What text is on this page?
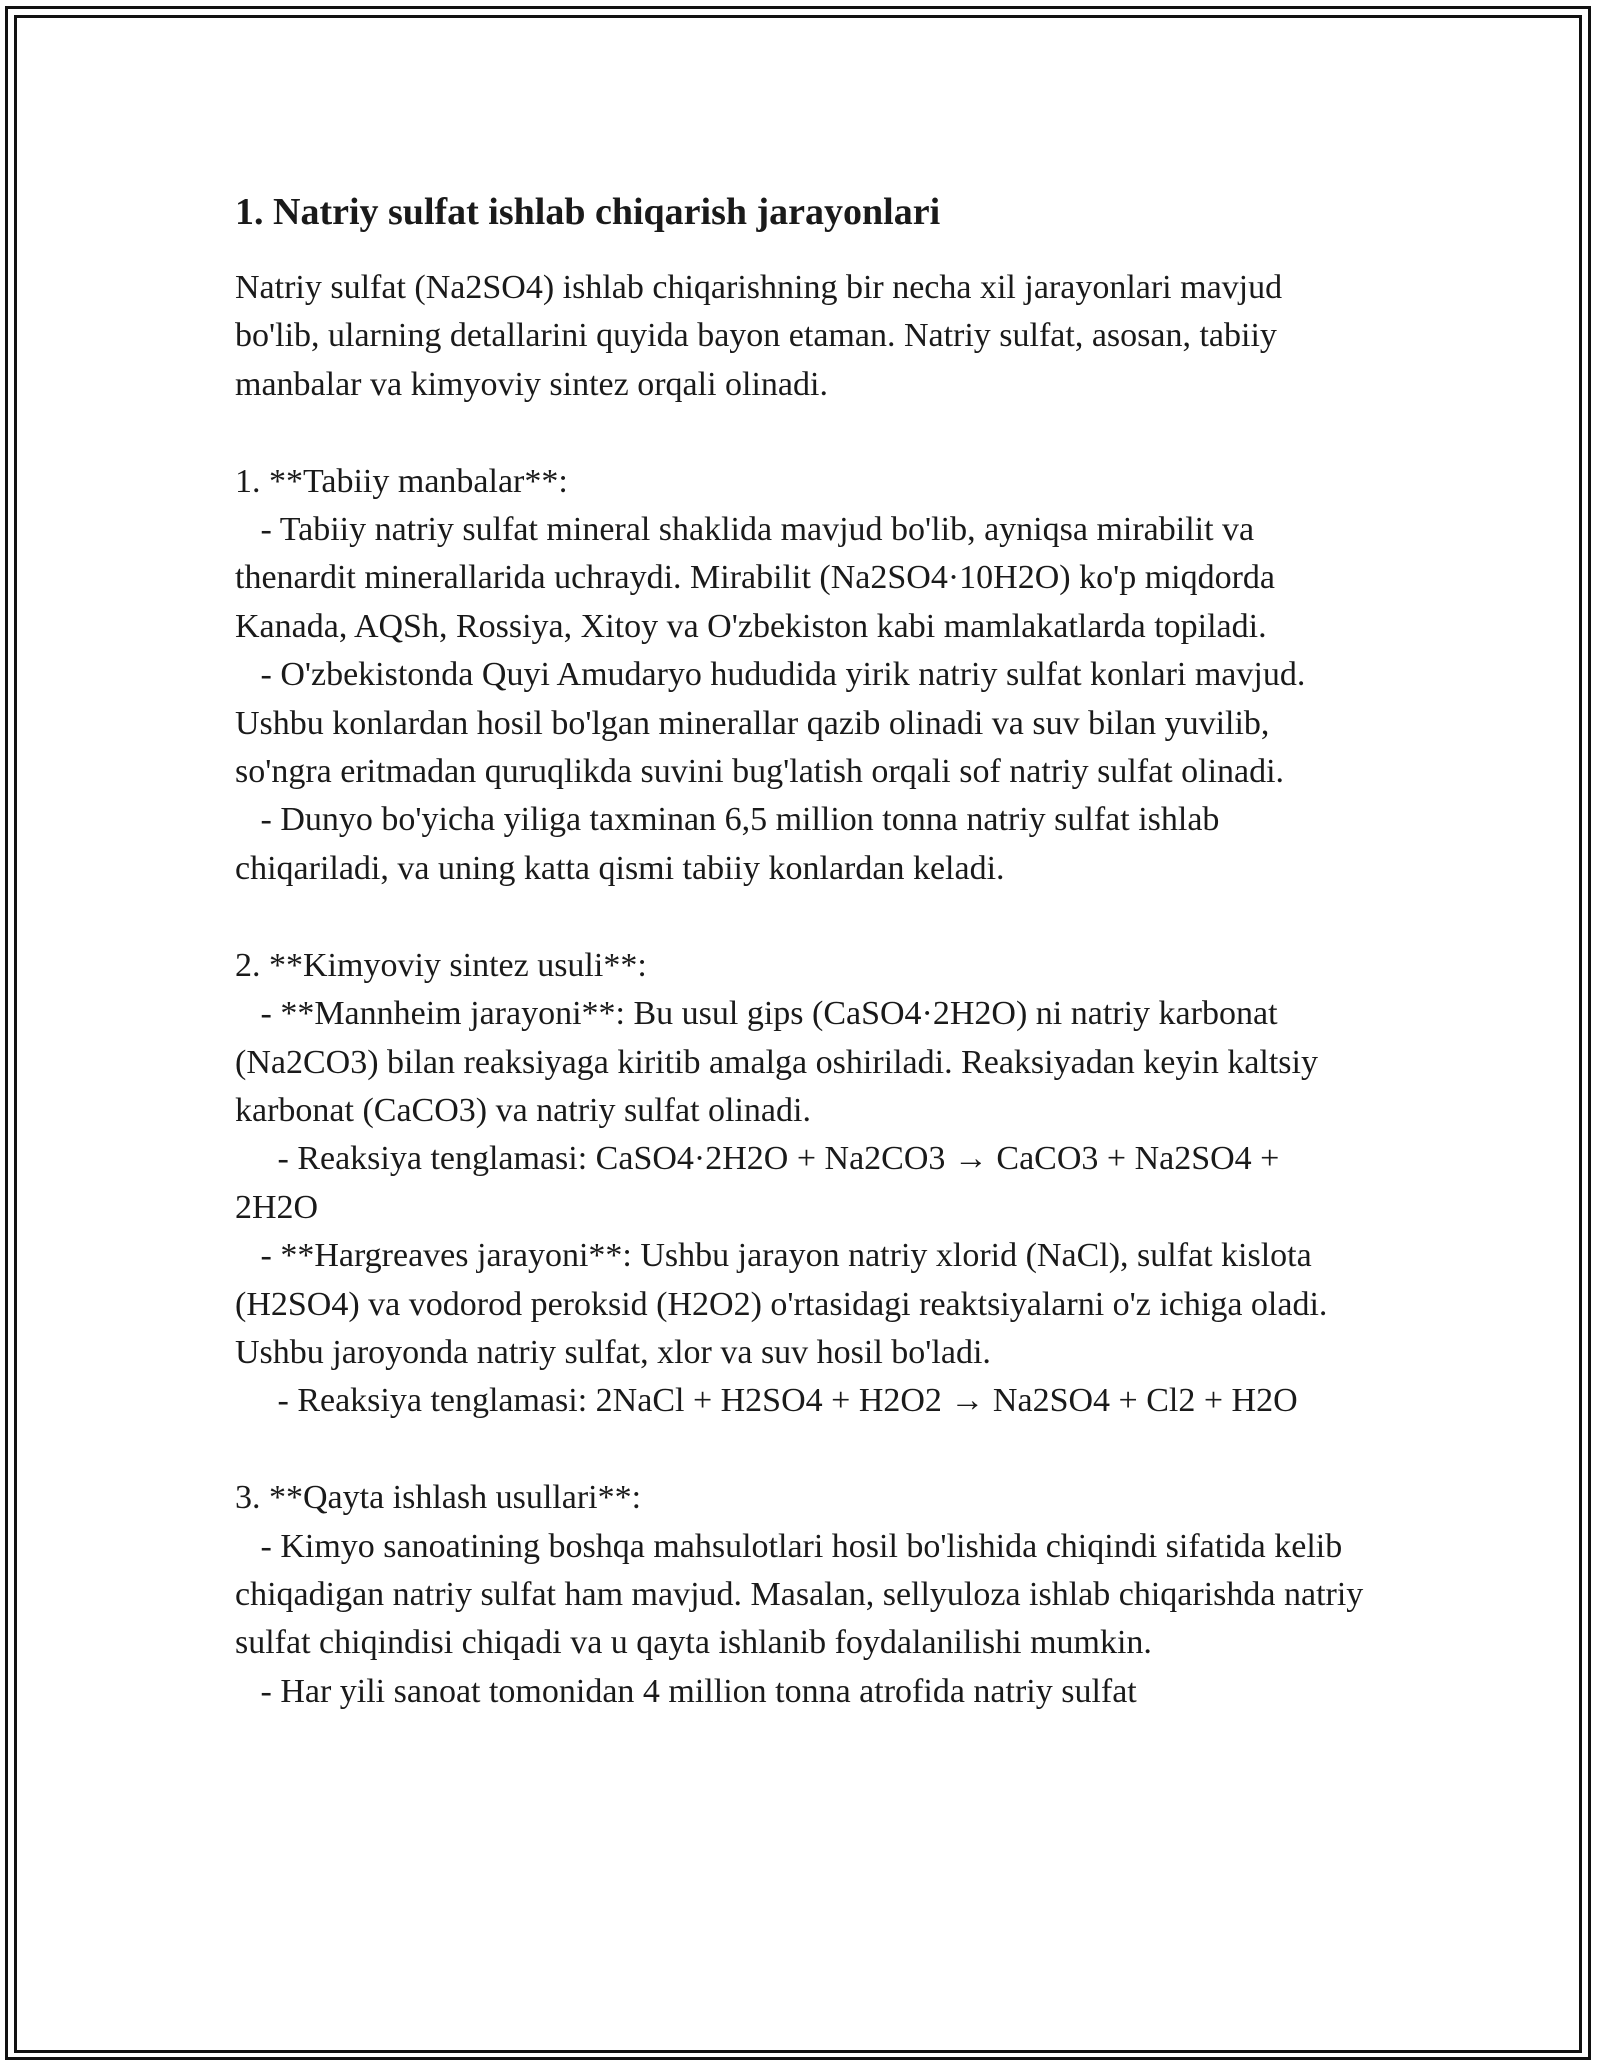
1. Natriy sulfat ishlab chiqarish jarayonlari

Natriy sulfat (Na2SO4) ishlab chiqarishning bir necha xil jarayonlari mavjud bo'lib, ularning detallarini quyida bayon etaman. Natriy sulfat, asosan, tabiiy manbalar va kimyoviy sintez orqali olinadi.

1. **Tabiiy manbalar**:
- Tabiiy natriy sulfat mineral shaklida mavjud bo'lib, ayniqsa mirabilit va thenardit minerallarida uchraydi. Mirabilit (Na2SO4·10H2O) ko'p miqdorda Kanada, AQSh, Rossiya, Xitoy va O'zbekiston kabi mamlakatlarda topiladi.
- O'zbekistonda Quyi Amudaryo hududida yirik natriy sulfat konlari mavjud. Ushbu konlardan hosil bo'lgan minerallar qazib olinadi va suv bilan yuvilib, so'ngra eritmadan quruqlikda suvini bug'latish orqali sof natriy sulfat olinadi.
- Dunyo bo'yicha yiliga taxminan 6,5 million tonna natriy sulfat ishlab chiqariladi, va uning katta qismi tabiiy konlardan keladi.

2. **Kimyoviy sintez usuli**:
- **Mannheim jarayoni**: Bu usul gips (CaSO4·2H2O) ni natriy karbonat (Na2CO3) bilan reaksiyaga kiritib amalga oshiriladi. Reaksiyadan keyin kaltsiy karbonat (CaCO3) va natriy sulfat olinadi.
- Reaksiya tenglamasi: CaSO4·2H2O + Na2CO3 → CaCO3 + Na2SO4 + 2H2O
- **Hargreaves jarayoni**: Ushbu jarayon natriy xlorid (NaCl), sulfat kislota (H2SO4) va vodorod peroksid (H2O2) o'rtasidagi reaktsiyalarni o'z ichiga oladi. Ushbu jaroyonda natriy sulfat, xlor va suv hosil bo'ladi.
- Reaksiya tenglamasi: 2NaCl + H2SO4 + H2O2 → Na2SO4 + Cl2 + H2O

3. **Qayta ishlash usullari**:
- Kimyo sanoatining boshqa mahsulotlari hosil bo'lishida chiqindi sifatida kelib chiqadigan natriy sulfat ham mavjud. Masalan, sellyuloza ishlab chiqarishda natriy sulfat chiqindisi chiqadi va u qayta ishlanib foydalanilishi mumkin.
- Har yili sanoat tomonidan 4 million tonna atrofida natriy sulfat
